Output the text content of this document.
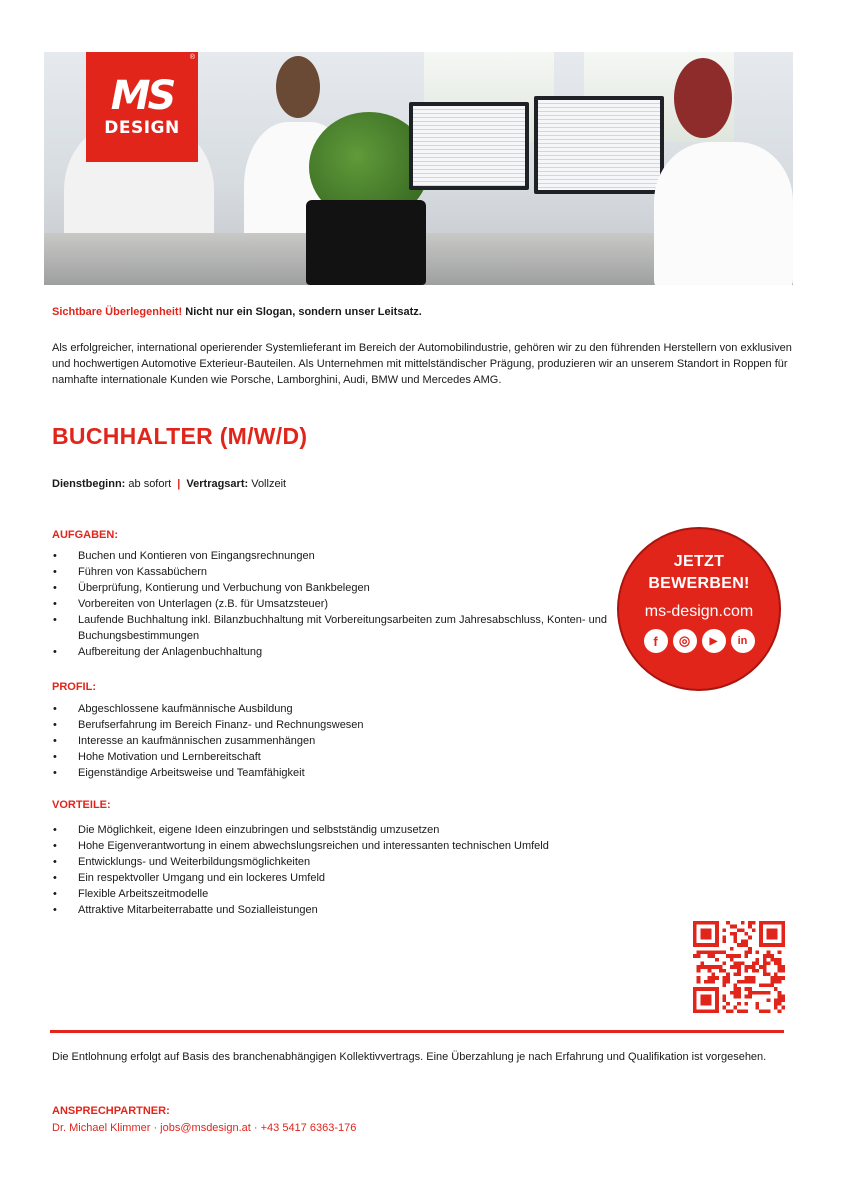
®
MS
DESIGN
Sichtbare Überlegenheit! Nicht nur ein Slogan, sondern unser Leitsatz.

Als erfolgreicher, international operierender Systemlieferant im Bereich der Automobilindustrie, gehören wir zu den führenden Herstellern von exklusiven und hochwertigen Automotive Exterieur-Bauteilen. Als Unternehmen mit mittelständischer Prägung, produzieren wir an unserem Standort in Roppen für namhafte internationale Kunden wie Porsche, Lamborghini, Audi, BMW und Mercedes AMG.

BUCHHALTER (M/W/D)
Dienstbeginn: ab sofort | Vertragsart: Vollzeit
AUFGABEN:
• Buchen und Kontieren von Eingangsrechnungen
• Führen von Kassabüchern
• Überprüfung, Kontierung und Verbuchung von Bankbelegen
• Vorbereiten von Unterlagen (z.B. für Umsatzsteuer)
• Laufende Buchhaltung inkl. Bilanzbuchhaltung mit Vorbereitungsarbeiten zum Jahresabschluss, Konten- und Buchungsbestimmungen
• Aufbereitung der Anlagenbuchhaltung
PROFIL:
• Abgeschlossene kaufmännische Ausbildung
• Berufserfahrung im Bereich Finanz- und Rechnungswesen
• Interesse an kaufmännischen zusammenhängen
• Hohe Motivation und Lernbereitschaft
• Eigenständige Arbeitsweise und Teamfähigkeit
VORTEILE:
• Die Möglichkeit, eigene Ideen einzubringen und selbstständig umzusetzen
• Hohe Eigenverantwortung in einem abwechslungsreichen und interessanten technischen Umfeld
• Entwicklungs- und Weiterbildungsmöglichkeiten
• Ein respektvoller Umgang und ein lockeres Umfeld
• Flexible Arbeitszeitmodelle
• Attraktive Mitarbeiterrabatte und Sozialleistungen
JETZT
BEWERBEN!
ms-design.com
f	◎	▶	in

Die Entlohnung erfolgt auf Basis des branchenabhängigen Kollektivvertrags. Eine Überzahlung je nach Erfahrung und Qualifikation ist vorgesehen.

ANSPRECHPARTNER:
Dr. Michael Klimmer · jobs@msdesign.at · +43 5417 6363-176
